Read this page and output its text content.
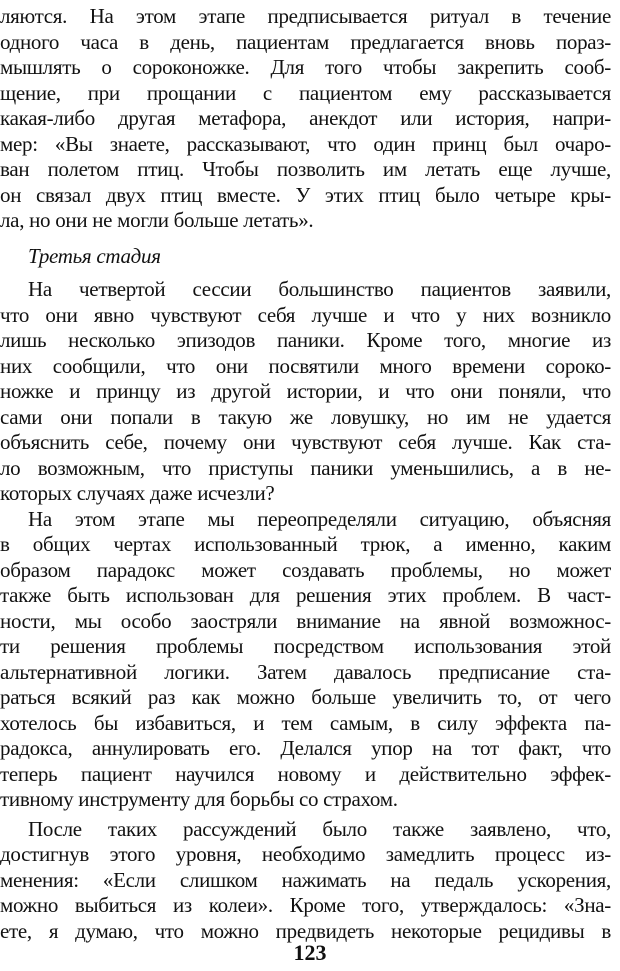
ляются. На этом этапе предписывается ритуал в течение
одного часа в день, пациентам предлагается вновь пораз-
мышлять о сороконожке. Для того чтобы закрепить сооб-
щение, при прощании с пациентом ему рассказывается
какая-либо другая метафора, анекдот или история, напри-
мер: «Вы знаете, рассказывают, что один принц был очаро-
ван полетом птиц. Чтобы позволить им летать еще лучше,
он связал двух птиц вместе. У этих птиц было четыре кры-
ла, но они не могли больше летать».
Третья стадия
На четвертой сессии большинство пациентов заявили,
что они явно чувствуют себя лучше и что у них возникло
лишь несколько эпизодов паники. Кроме того, многие из
них сообщили, что они посвятили много времени сороко-
ножке и принцу из другой истории, и что они поняли, что
сами они попали в такую же ловушку, но им не удается
объяснить себе, почему они чувствуют себя лучше. Как ста-
ло возможным, что приступы паники уменьшились, а в не-
которых случаях даже исчезли?
На этом этапе мы переопределяли ситуацию, объясняя
в общих чертах использованный трюк, а именно, каким
образом парадокс может создавать проблемы, но может
также быть использован для решения этих проблем. В част-
ности, мы особо заостряли внимание на явной возможнос-
ти решения проблемы посредством использования этой
альтернативной логики. Затем давалось предписание ста-
раться всякий раз как можно больше увеличить то, от чего
хотелось бы избавиться, и тем самым, в силу эффекта па-
радокса, аннулировать его. Делался упор на тот факт, что
теперь пациент научился новому и действительно эффек-
тивному инструменту для борьбы со страхом.
После таких рассуждений было также заявлено, что,
достигнув этого уровня, необходимо замедлить процесс из-
менения: «Если слишком нажимать на педаль ускорения,
можно выбиться из колеи». Кроме того, утверждалось: «Зна-
ете, я думаю, что можно предвидеть некоторые рецидивы в
123
